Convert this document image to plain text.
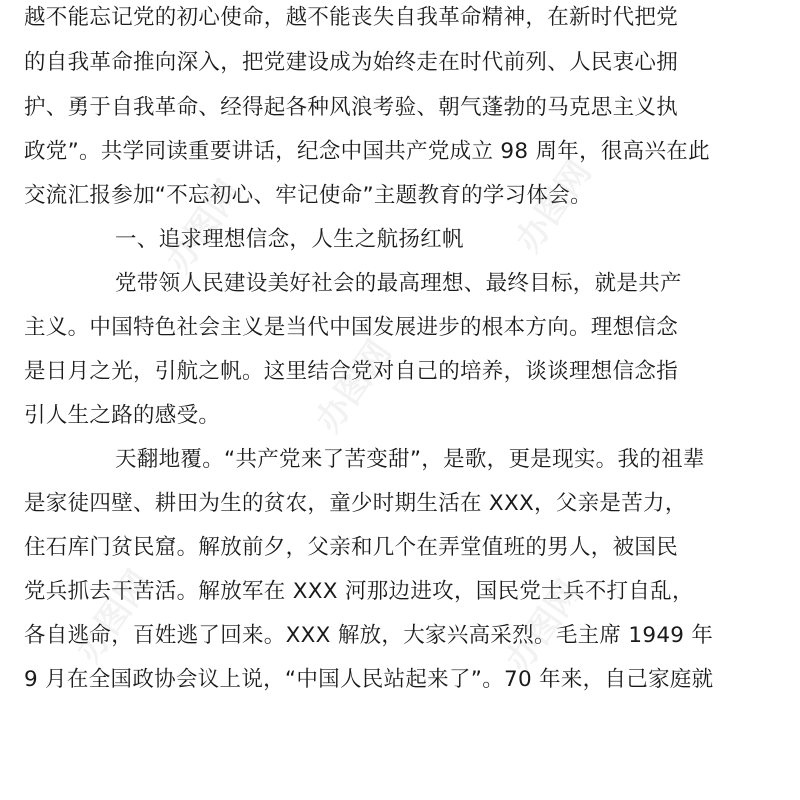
越不能忘记党的初心使命，越不能丧失自我革命精神，在新时代把党
的自我革命推向深入，把党建设成为始终走在时代前列、人民衷心拥
护、勇于自我革命、经得起各种风浪考验、朝气蓬勃的马克思主义执
政党”。共学同读重要讲话，纪念中国共产党成立 98 周年，很高兴在此
交流汇报参加“不忘初心、牢记使命”主题教育的学习体会。
一、追求理想信念，人生之航扬红帆
党带领人民建设美好社会的最高理想、最终目标，就是共产
主义。中国特色社会主义是当代中国发展进步的根本方向。理想信念
是日月之光，引航之帆。这里结合党对自己的培养，谈谈理想信念指
引人生之路的感受。
天翻地覆。“共产党来了苦变甜”，是歌，更是现实。我的祖辈
是家徒四壁、耕田为生的贫农，童少时期生活在 XXX，父亲是苦力，
住石库门贫民窟。解放前夕，父亲和几个在弄堂值班的男人，被国民
党兵抓去干苦活。解放军在 XXX 河那边进攻，国民党士兵不打自乱，
各自逃命，百姓逃了回来。XXX 解放，大家兴高采烈。毛主席 1949 年
9 月在全国政协会议上说，“中国人民站起来了”。70 年来，自己家庭就
办图网	办图网
办图网
办图网	办图网
